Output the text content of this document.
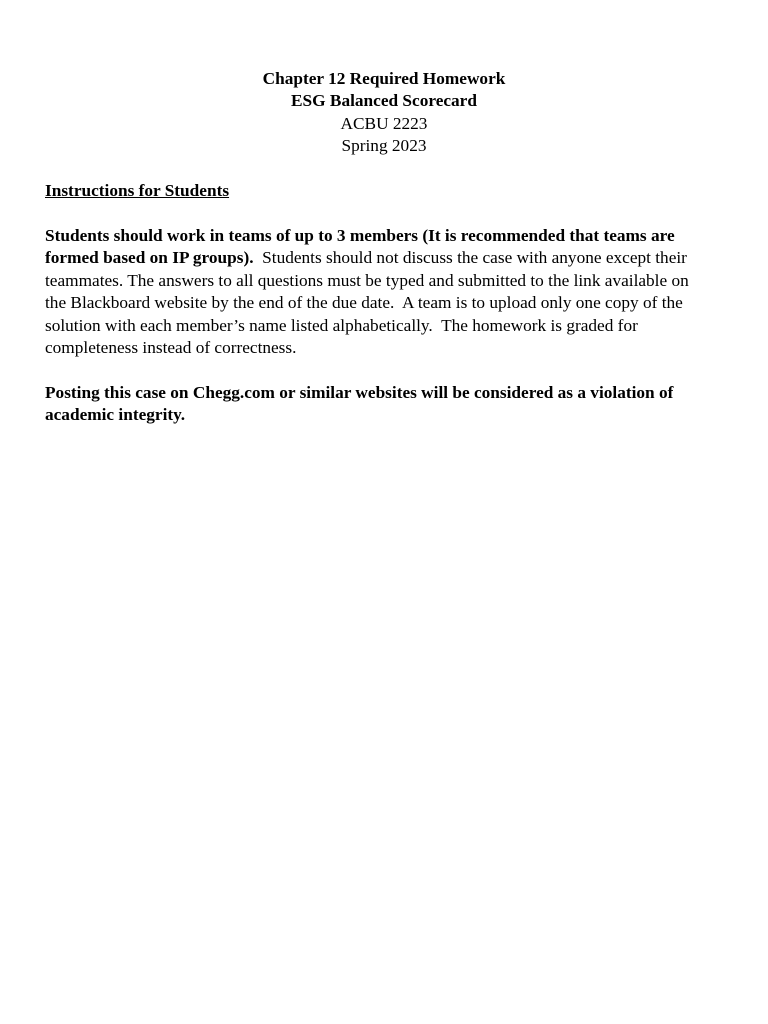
Chapter 12 Required Homework
ESG Balanced Scorecard
ACBU 2223
Spring 2023
Instructions for Students
Students should work in teams of up to 3 members (It is recommended that teams are
formed based on IP groups).  Students should not discuss the case with anyone except their
teammates. The answers to all questions must be typed and submitted to the link available on
the Blackboard website by the end of the due date.  A team is to upload only one copy of the
solution with each member’s name listed alphabetically.  The homework is graded for
completeness instead of correctness.
Posting this case on Chegg.com or similar websites will be considered as a violation of
academic integrity.
